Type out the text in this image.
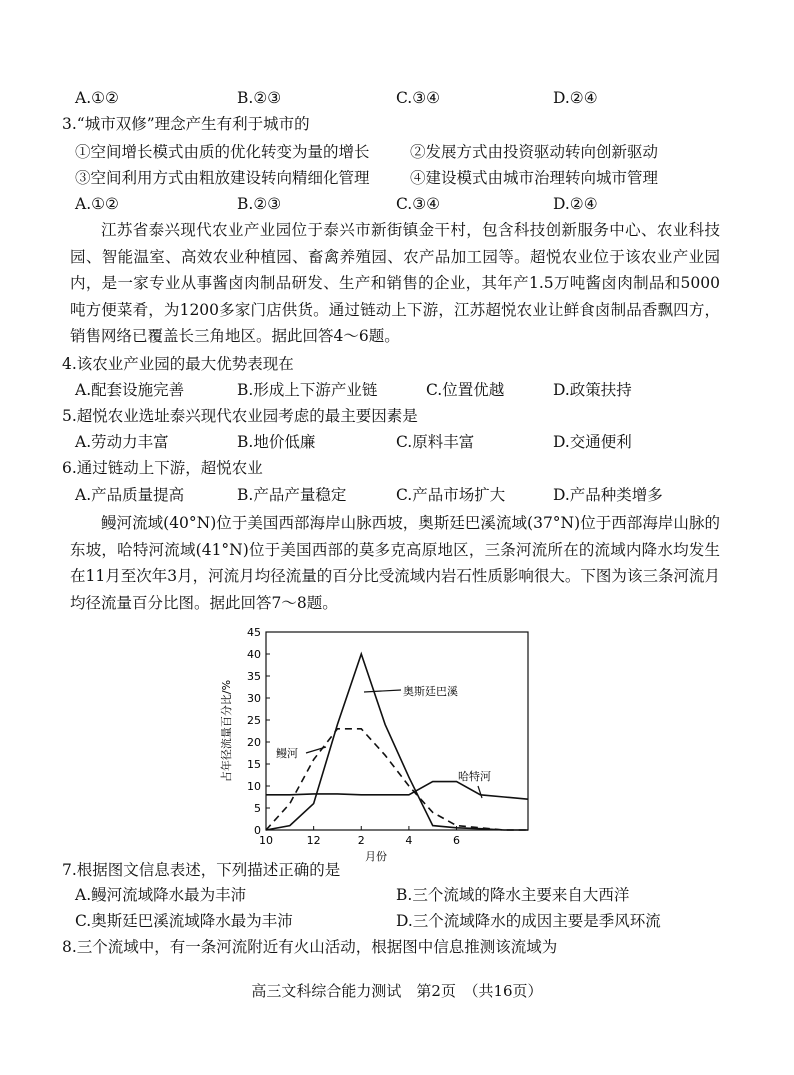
A.①②	B.②③	C.③④	D.②④
3.“城市双修”理念产生有利于城市的
①空间增长模式由质的优化转变为量的增长	②发展方式由投资驱动转向创新驱动
③空间利用方式由粗放建设转向精细化管理	④建设模式由城市治理转向城市管理
A.①②	B.②③	C.③④	D.②④
江苏省泰兴现代农业产业园位于泰兴市新街镇金干村，包含科技创新服务中心、农业科技园、智能温室、高效农业种植园、畜禽养殖园、农产品加工园等。超悦农业位于该农业产业园内，是一家专业从事酱卤肉制品研发、生产和销售的企业，其年产1.5万吨酱卤肉制品和5000吨方便菜肴，为1200多家门店供货。通过链动上下游，江苏超悦农业让鲜食卤制品香飘四方，销售网络已覆盖长三角地区。据此回答4～6题。
4.该农业产业园的最大优势表现在
A.配套设施完善	B.形成上下游产业链	C.位置优越	D.政策扶持
5.超悦农业选址泰兴现代农业园考虑的最主要因素是
A.劳动力丰富	B.地价低廉	C.原料丰富	D.交通便利
6.通过链动上下游，超悦农业
A.产品质量提高	B.产品产量稳定	C.产品市场扩大	D.产品种类增多
鳗河流域(40°N)位于美国西部海岸山脉西坡，奥斯廷巴溪流域(37°N)位于西部海岸山脉的东坡，哈特河流域(41°N)位于美国西部的莫多克高原地区，三条河流所在的流域内降水均发生在11月至次年3月，河流月均径流量的百分比受流域内岩石性质影响很大。下图为该三条河流月均径流量百分比图。据此回答7～8题。
0
5
10
15
20
25
30
35
40
45
10	12	2	4	6
月份
占年径流量百分比/%	奥斯廷巴溪
鳗河
哈特河
7.根据图文信息表述，下列描述正确的是
A.鳗河流域降水最为丰沛	B.三个流域的降水主要来自大西洋
C.奥斯廷巴溪流域降水最为丰沛	D.三个流域降水的成因主要是季风环流
8.三个流域中，有一条河流附近有火山活动，根据图中信息推测该流域为
高三文科综合能力测试　第2页　（共16页）
